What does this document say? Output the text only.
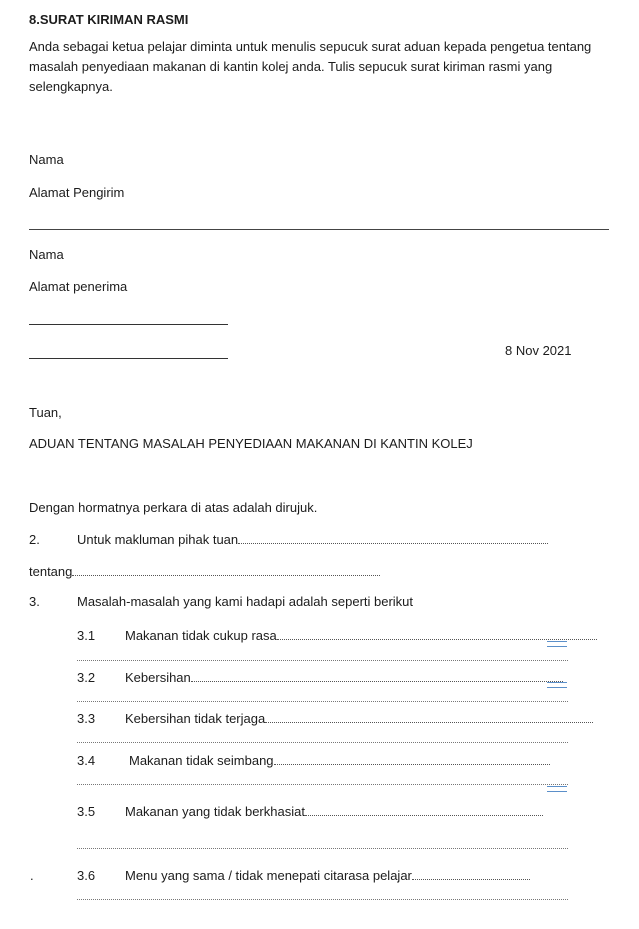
8.SURAT KIRIMAN RASMI
Anda sebagai ketua pelajar diminta untuk menulis sepucuk surat aduan kepada pengetua tentang masalah penyediaan makanan di kantin kolej anda. Tulis sepucuk surat kiriman rasmi yang selengkapnya.
Nama
Alamat Pengirim
Nama
Alamat penerima
8 Nov 2021
Tuan,
ADUAN TENTANG MASALAH PENYEDIAAN MAKANAN DI KANTIN KOLEJ
Dengan hormatnya perkara di atas adalah dirujuk.
2.	Untuk makluman pihak tuan
tentang
3.	Masalah-masalah yang kami hadapi adalah seperti berikut
3.1 Makanan tidak cukup rasa
3.2 Kebersihan
3.3 Kebersihan tidak terjaga
3.4	Makanan tidak seimbang
3.5 Makanan yang tidak berkhasiat
.	3.6 Menu yang sama / tidak menepati citarasa pelajar
